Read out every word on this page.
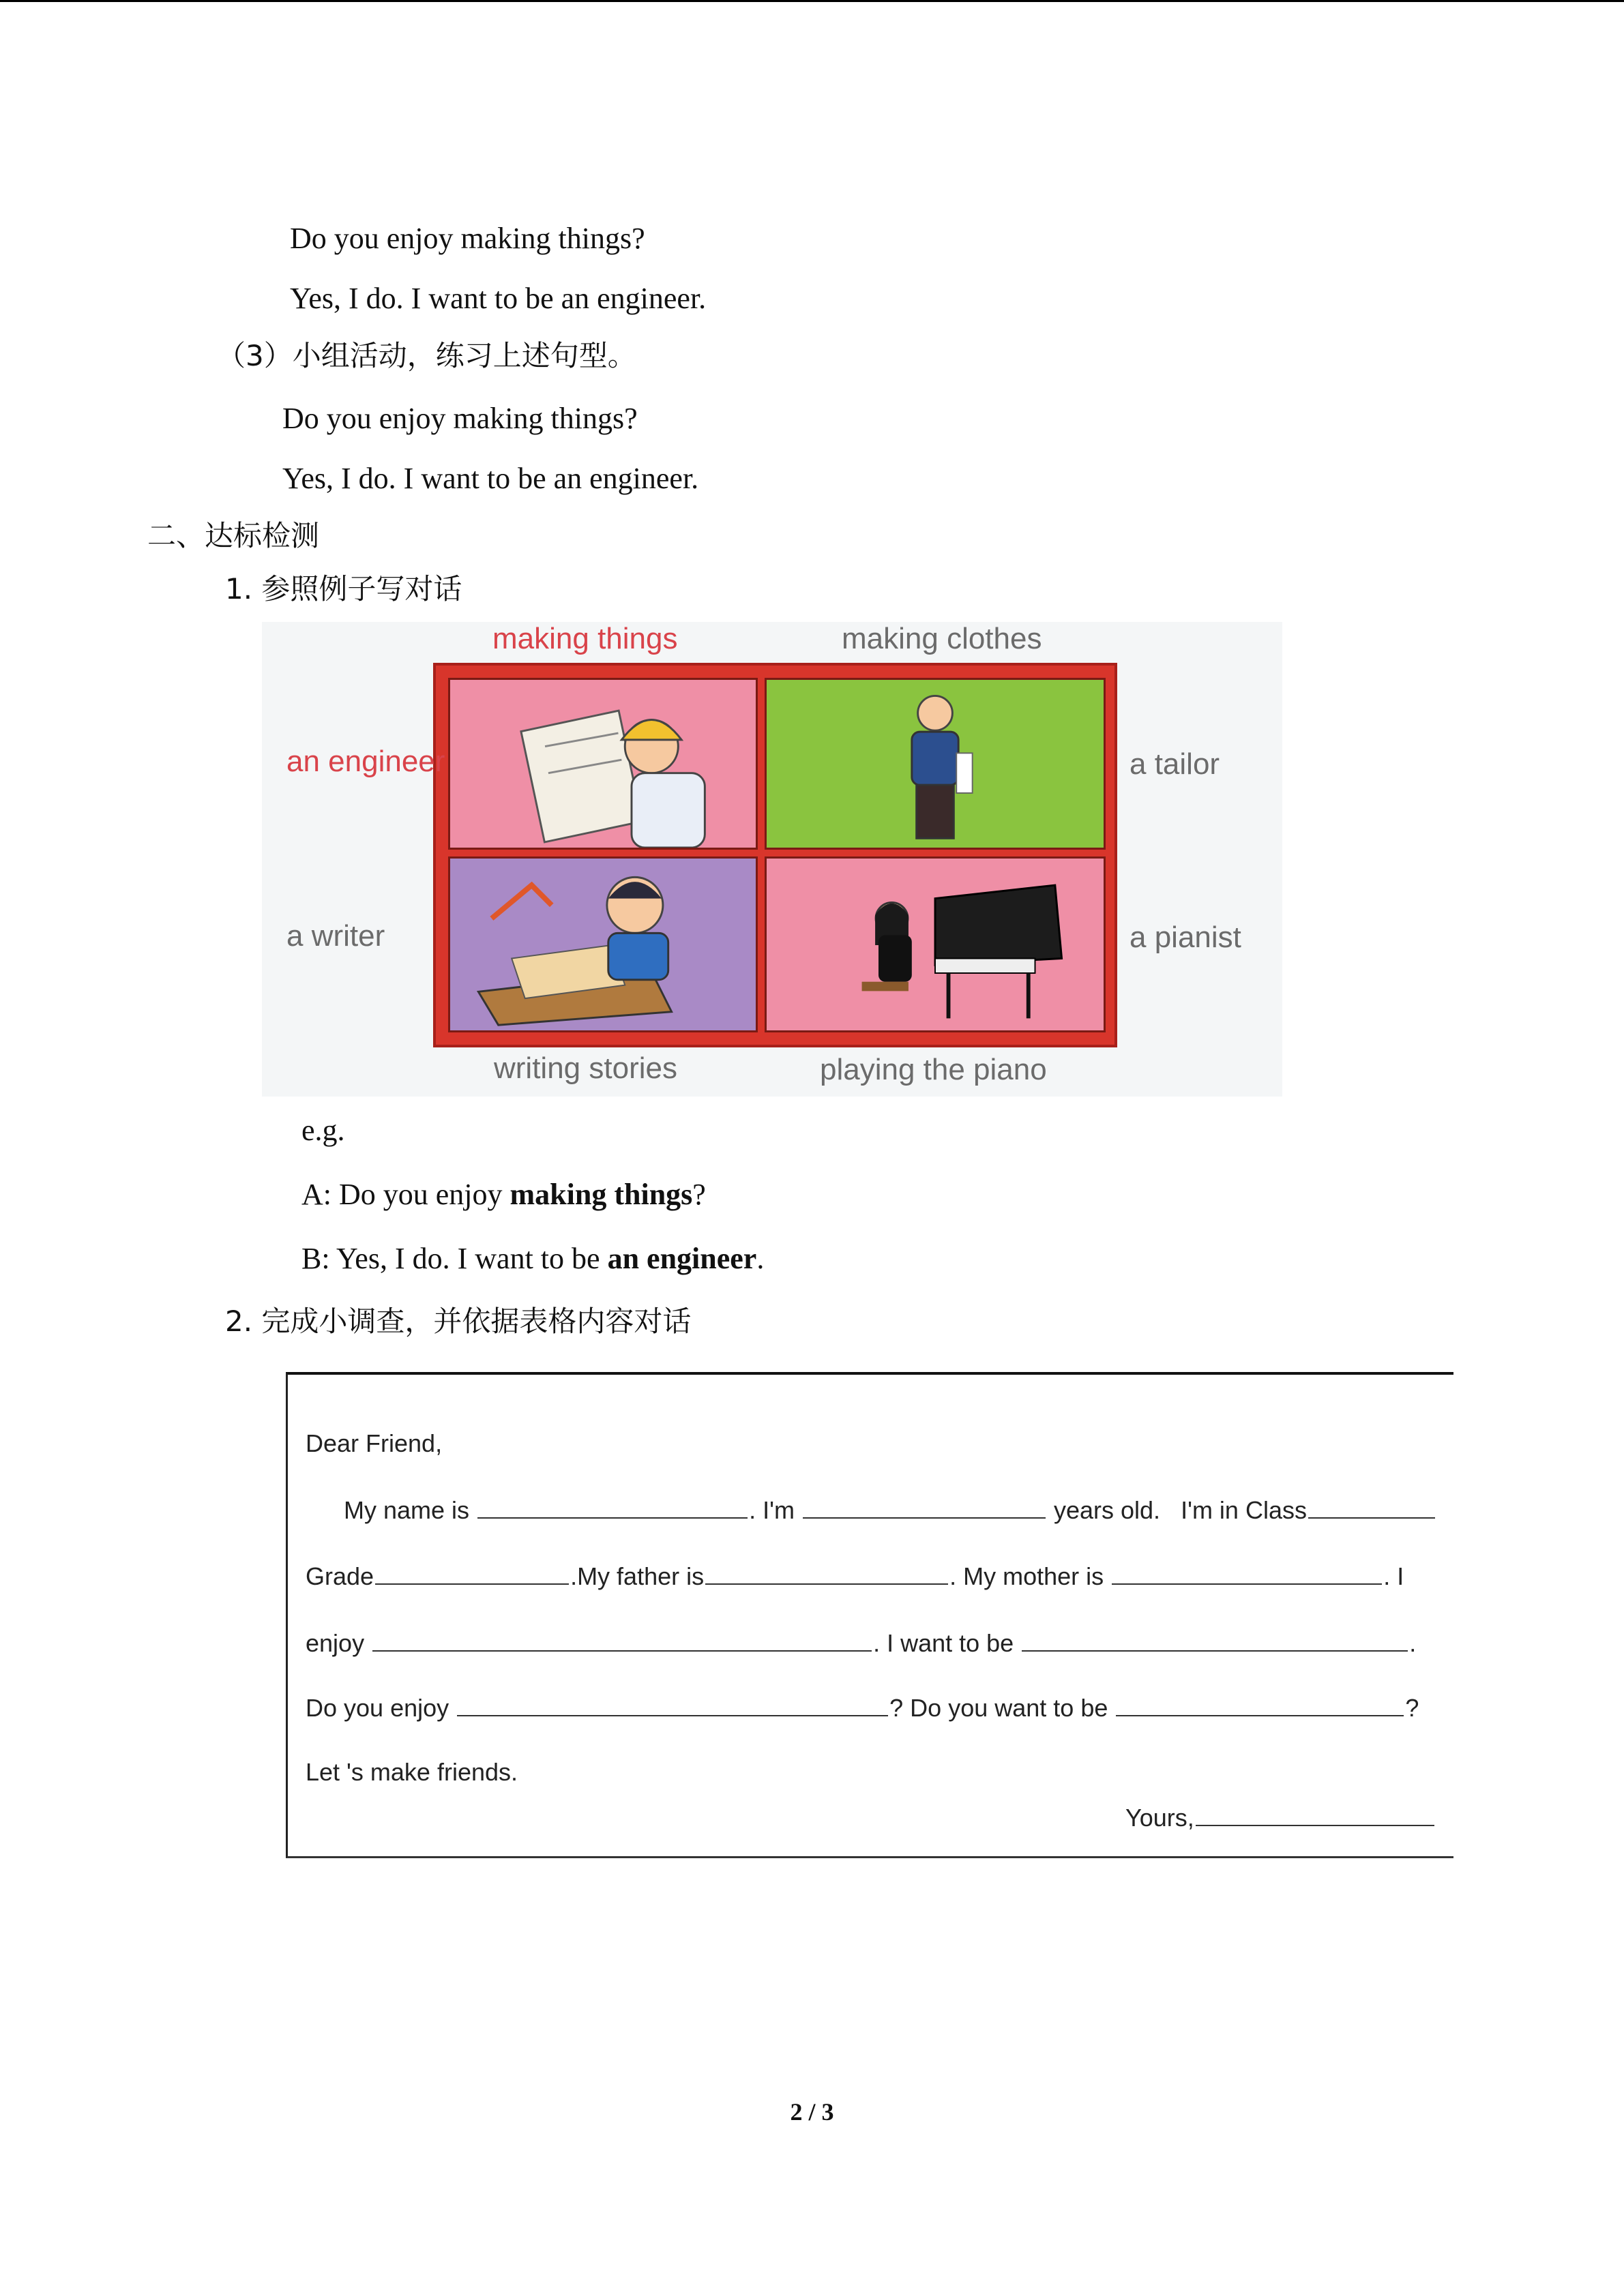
Do you enjoy making things?
Yes, I do. I want to be an engineer.
（3）小组活动，练习上述句型。
Do you enjoy making things?
Yes, I do. I want to be an engineer.
二、达标检测
1. 参照例子写对话
making things	making clothes
a tailor
a writer	a pianist
writing stories	playing the piano
an engineer
e.g.
A: Do you enjoy making things?
B: Yes, I do. I want to be an engineer.
2. 完成小调查，并依据表格内容对话
Dear Friend,
My name is	. I'm	years old. I'm in Class
Grade	.My father is	. My mother is	. I
enjoy	. I want to be	.
Do you enjoy	? Do you want to be	?
Let 's make friends.
Yours,
2 / 3
